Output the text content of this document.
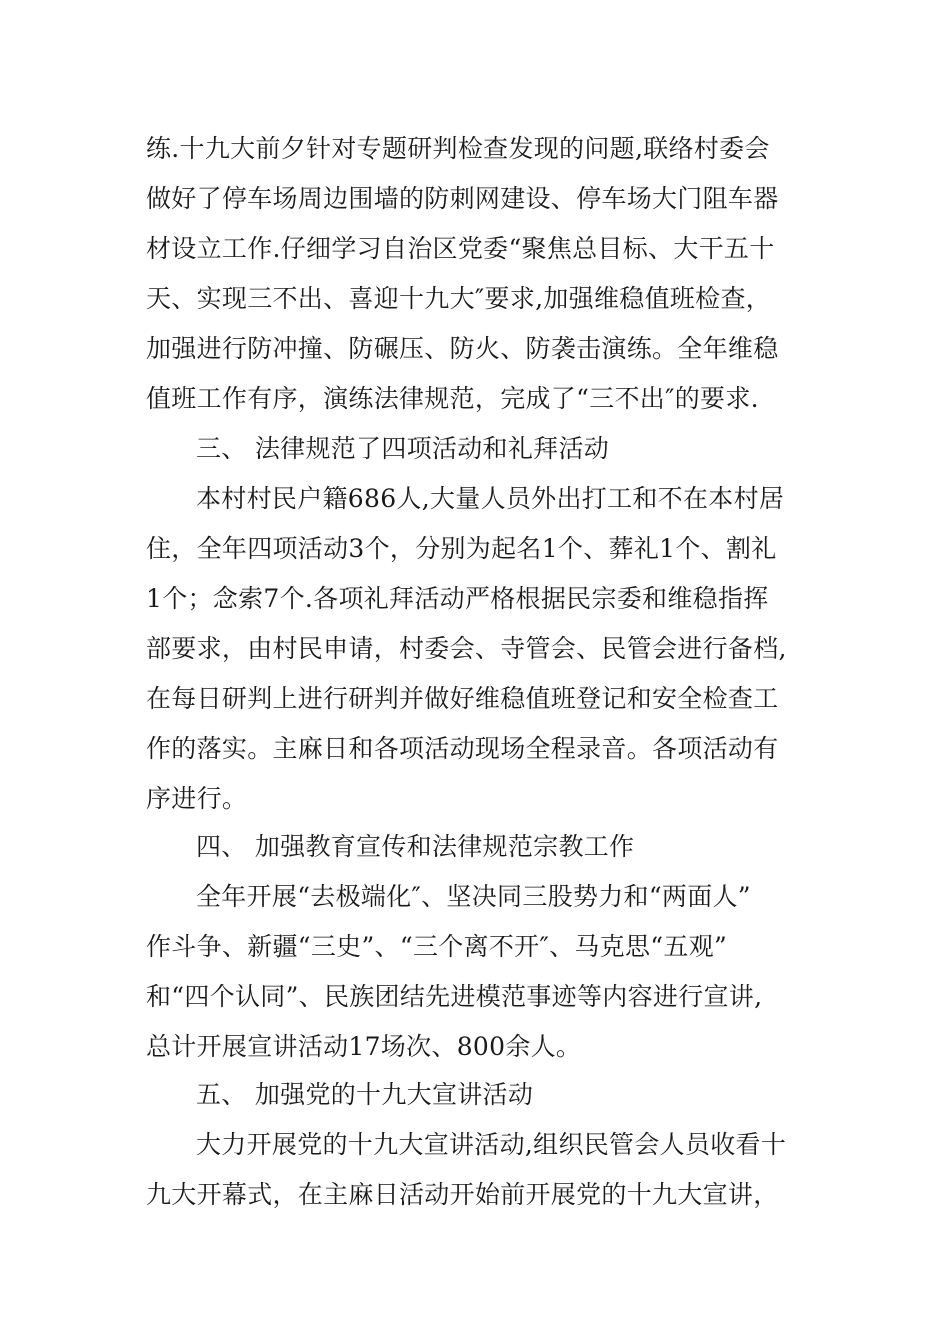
练.十九大前夕针对专题研判检查发现的问题,联络村委会
做好了停车场周边围墙的防刺网建设、停车场大门阻车器
材设立工作.仔细学习自治区党委“聚焦总目标、大干五十
天、实现三不出、喜迎十九大″要求,加强维稳值班检查，
加强进行防冲撞、防碾压、防火、防袭击演练。全年维稳
值班工作有序，演练法律规范，完成了“三不出″的要求.
三、 法律规范了四项活动和礼拜活动
本村村民户籍686人,大量人员外出打工和不在本村居
住，全年四项活动3个，分别为起名1个、葬礼1个、割礼
1个；念索7个.各项礼拜活动严格根据民宗委和维稳指挥
部要求，由村民申请，村委会、寺管会、民管会进行备档,
在每日研判上进行研判并做好维稳值班登记和安全检查工
作的落实。主麻日和各项活动现场全程录音。各项活动有
序进行。
四、 加强教育宣传和法律规范宗教工作
全年开展“去极端化″、坚决同三股势力和“两面人”
作斗争、新疆“三史”、“三个离不开″、马克思“五观”
和“四个认同”、民族团结先进模范事迹等内容进行宣讲,
总计开展宣讲活动17场次、800余人。
五、 加强党的十九大宣讲活动
大力开展党的十九大宣讲活动,组织民管会人员收看十
九大开幕式，在主麻日活动开始前开展党的十九大宣讲，
